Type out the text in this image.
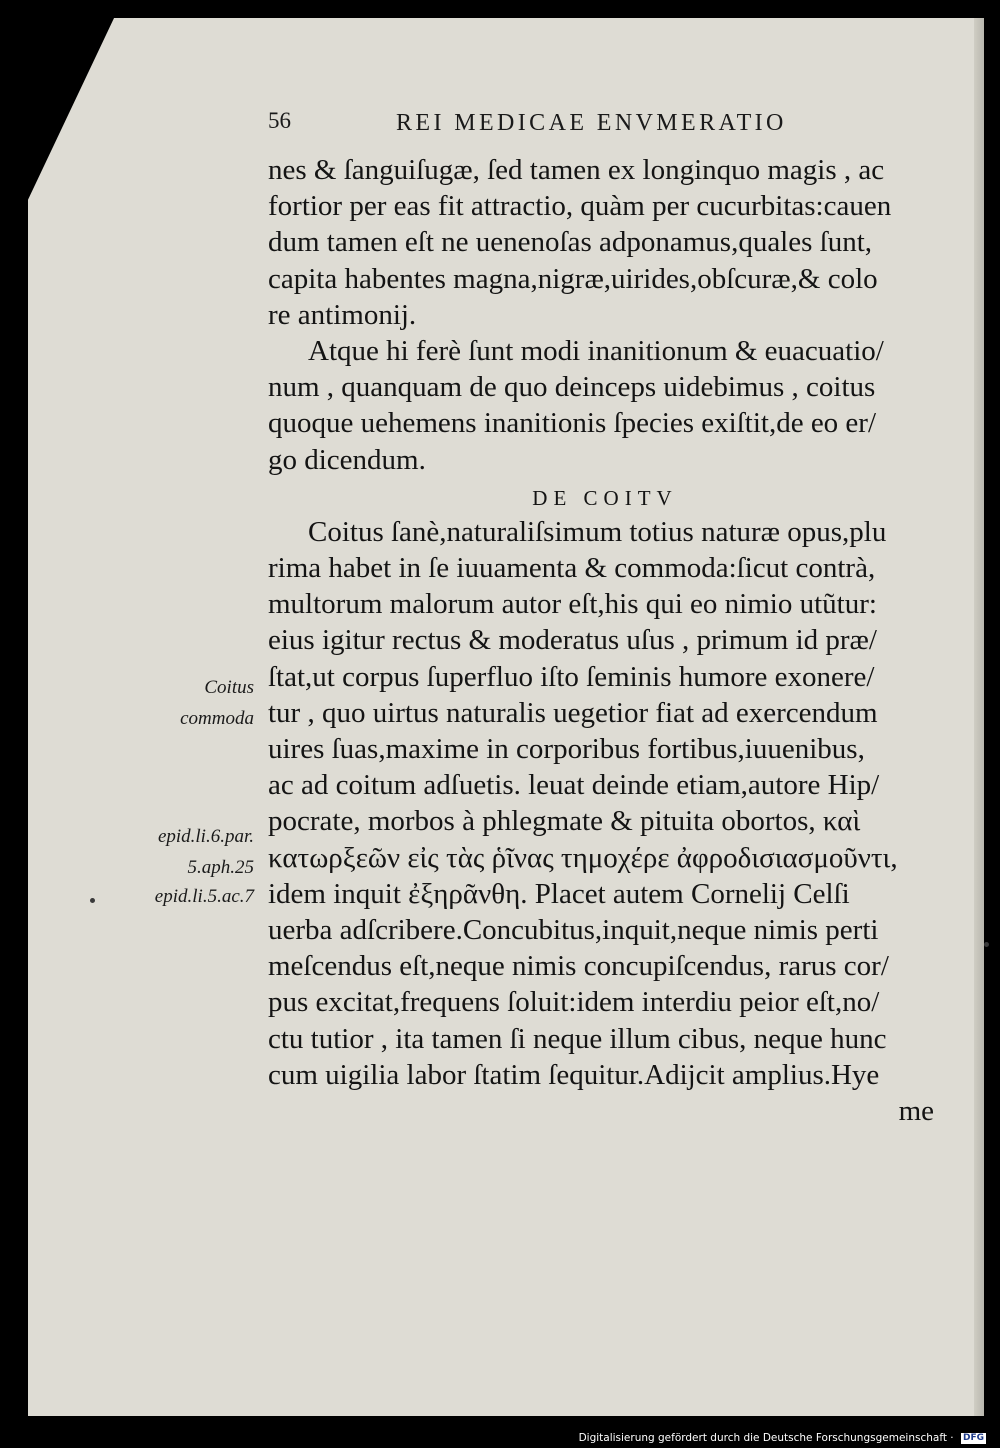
56	REI MEDICAE ENVMERATIO
nes & ſanguiſugæ, ſed tamen ex longinquo magis , ac
fortior per eas fit attractio, quàm per cucurbitas:cauen
dum tamen eſt ne uenenoſas adponamus,quales ſunt,
capita habentes magna,nigræ,uirides,obſcuræ,& colo
re antimonij.
Atque hi ferè ſunt modi inanitionum & euacuatio/
num , quanquam de quo deinceps uidebimus , coitus
quoque uehemens inanitionis ſpecies exiſtit,de eo er/
go dicendum.
DE COITV
Coitus ſanè,naturaliſsimum totius naturæ opus,plu
rima habet in ſe iuuamenta & commoda:ſicut contrà,
multorum malorum autor eſt,his qui eo nimio utũtur:
eius igitur rectus & moderatus uſus , primum id præ/
ſtat,ut corpus ſuperfluo iſto ſeminis humore exonere/
tur , quo uirtus naturalis uegetior fiat ad exercendum
uires ſuas,maxime in corporibus fortibus,iuuenibus,
ac ad coitum adſuetis. leuat deinde etiam,autore Hip/
pocrate, morbos à phlegmate & pituita obortos, καὶ
κατωρξεῶν εἰς τὰς ῥῖνας τημοχέρε ἀφροδισιασμοῦντι,
idem inquit ἐξηρᾶνθη. Placet autem Cornelij Celſi
uerba adſcribere.Concubitus,inquit,neque nimis perti
meſcendus eſt,neque nimis concupiſcendus, rarus cor/
pus excitat,frequens ſoluit:idem interdiu peior eſt,no/
ctu tutior , ita tamen ſi neque illum cibus, neque hunc
cum uigilia labor ſtatim ſequitur.Adijcit amplius.Hye
me
Coitus
commoda
epid.li.6.par.
5.aph.25
epid.li.5.ac.7
Digitalisierung gefördert durch die Deutsche Forschungsgemeinschaft · DFG
